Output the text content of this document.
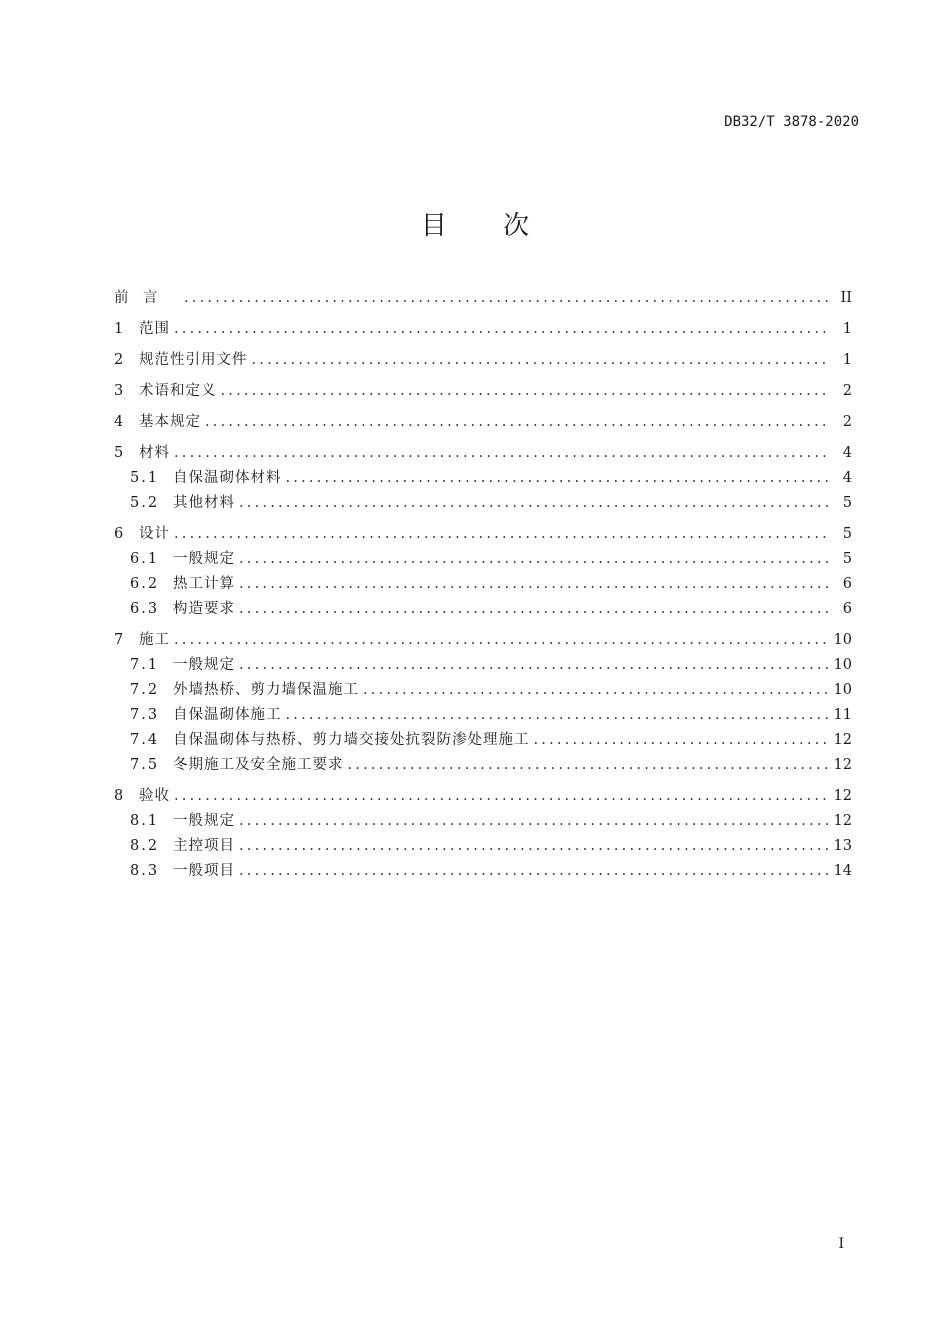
DB32/T 3878-2020
目 次
前　言 .....	II
1	范围 .....	1
2	规范性引用文件 .....	1
3	术语和定义 .....	2
4	基本规定 .....	2
5	材料 .....	4
5.1 自保温砌体材料 .....	4
5.2 其他材料 .....	5
6	设计 .....	5
6.1 一般规定 .....	5
6.2 热工计算 .....	6
6.3 构造要求 .....	6
7	施工 .....	10
7.1 一般规定 .....	10
7.2 外墙热桥、剪力墙保温施工 .....	10
7.3 自保温砌体施工 .....	11
7.4 自保温砌体与热桥、剪力墙交接处抗裂防渗处理施工 .....	12
7.5 冬期施工及安全施工要求 .....	12
8	验收 .....	12
8.1 一般规定 .....	12
8.2 主控项目 .....	13
8.3 一般项目 .....	14
I
